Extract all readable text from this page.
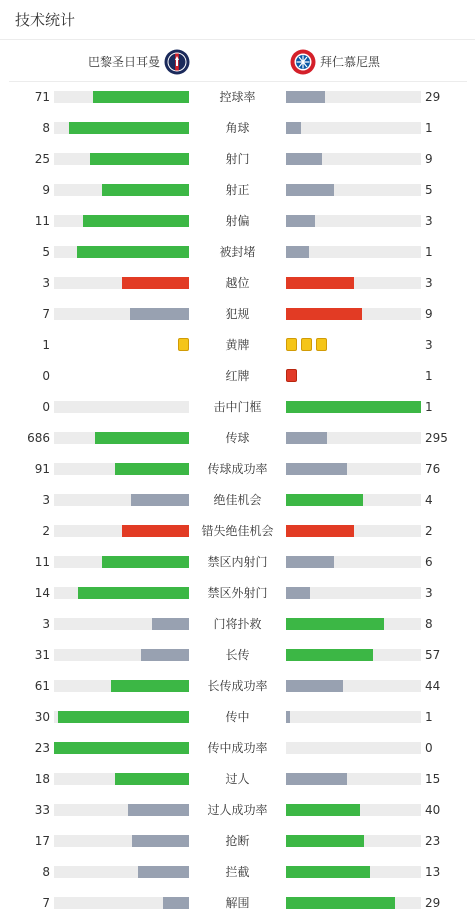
技术统计
巴黎圣日耳曼	拜仁慕尼黑
71	控球率	29
8	角球	1
25	射门	9
9	射正	5
11	射偏	3
5	被封堵	1
3	越位	3
7	犯规	9
1	黄牌	3
0	红牌	1
0	击中门框	1
686	传球	295
91	传球成功率	76
3	绝佳机会	4
2	错失绝佳机会	2
11	禁区内射门	6
14	禁区外射门	3
3	门将扑救	8
31	长传	57
61	长传成功率	44
30	传中	1
23	传中成功率	0
18	过人	15
33	过人成功率	40
17	抢断	23
8	拦截	13
7	解围	29
